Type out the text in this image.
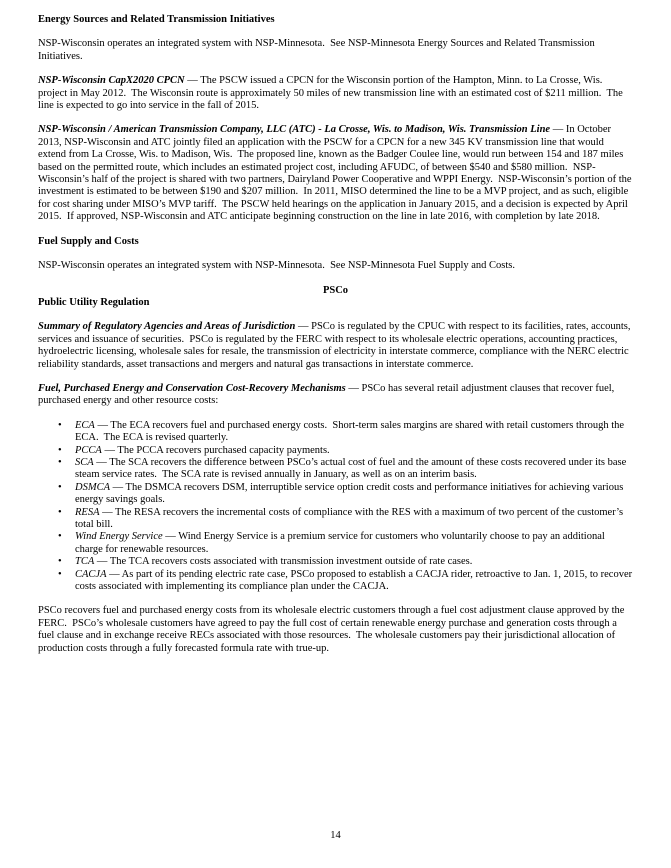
Energy Sources and Related Transmission Initiatives
NSP-Wisconsin operates an integrated system with NSP-Minnesota.  See NSP-Minnesota Energy Sources and Related Transmission Initiatives.
NSP-Wisconsin CapX2020 CPCN — The PSCW issued a CPCN for the Wisconsin portion of the Hampton, Minn. to La Crosse, Wis. project in May 2012.  The Wisconsin route is approximately 50 miles of new transmission line with an estimated cost of $211 million.  The line is expected to go into service in the fall of 2015.
NSP-Wisconsin / American Transmission Company, LLC (ATC) - La Crosse, Wis. to Madison, Wis. Transmission Line — In October 2013, NSP-Wisconsin and ATC jointly filed an application with the PSCW for a CPCN for a new 345 KV transmission line that would extend from La Crosse, Wis. to Madison, Wis.  The proposed line, known as the Badger Coulee line, would run between 154 and 187 miles based on the permitted route, which includes an estimated project cost, including AFUDC, of between $540 and $580 million.  NSP-Wisconsin’s half of the project is shared with two partners, Dairyland Power Cooperative and WPPI Energy.  NSP-Wisconsin’s portion of the investment is estimated to be between $190 and $207 million.  In 2011, MISO determined the line to be a MVP project, and as such, eligible for cost sharing under MISO’s MVP tariff.  The PSCW held hearings on the application in January 2015, and a decision is expected by April 2015.  If approved, NSP-Wisconsin and ATC anticipate beginning construction on the line in late 2016, with completion by late 2018.
Fuel Supply and Costs
NSP-Wisconsin operates an integrated system with NSP-Minnesota.  See NSP-Minnesota Fuel Supply and Costs.
PSCo
Public Utility Regulation
Summary of Regulatory Agencies and Areas of Jurisdiction — PSCo is regulated by the CPUC with respect to its facilities, rates, accounts, services and issuance of securities.  PSCo is regulated by the FERC with respect to its wholesale electric operations, accounting practices, hydroelectric licensing, wholesale sales for resale, the transmission of electricity in interstate commerce, compliance with the NERC electric reliability standards, asset transactions and mergers and natural gas transactions in interstate commerce.
Fuel, Purchased Energy and Conservation Cost-Recovery Mechanisms — PSCo has several retail adjustment clauses that recover fuel, purchased energy and other resource costs:
•	ECA — The ECA recovers fuel and purchased energy costs.  Short-term sales margins are shared with retail customers through the ECA.  The ECA is revised quarterly.
•	PCCA — The PCCA recovers purchased capacity payments.
•	SCA — The SCA recovers the difference between PSCo’s actual cost of fuel and the amount of these costs recovered under its base steam service rates.  The SCA rate is revised annually in January, as well as on an interim basis.
•	DSMCA — The DSMCA recovers DSM, interruptible service option credit costs and performance initiatives for achieving various energy savings goals.
•	RESA — The RESA recovers the incremental costs of compliance with the RES with a maximum of two percent of the customer’s total bill.
•	Wind Energy Service — Wind Energy Service is a premium service for customers who voluntarily choose to pay an additional charge for renewable resources.
•	TCA — The TCA recovers costs associated with transmission investment outside of rate cases.
•	CACJA — As part of its pending electric rate case, PSCo proposed to establish a CACJA rider, retroactive to Jan. 1, 2015, to recover costs associated with implementing its compliance plan under the CACJA.
PSCo recovers fuel and purchased energy costs from its wholesale electric customers through a fuel cost adjustment clause approved by the FERC.  PSCo’s wholesale customers have agreed to pay the full cost of certain renewable energy purchase and generation costs through a fuel clause and in exchange receive RECs associated with those resources.  The wholesale customers pay their jurisdictional allocation of production costs through a fully forecasted formula rate with true-up.
14
